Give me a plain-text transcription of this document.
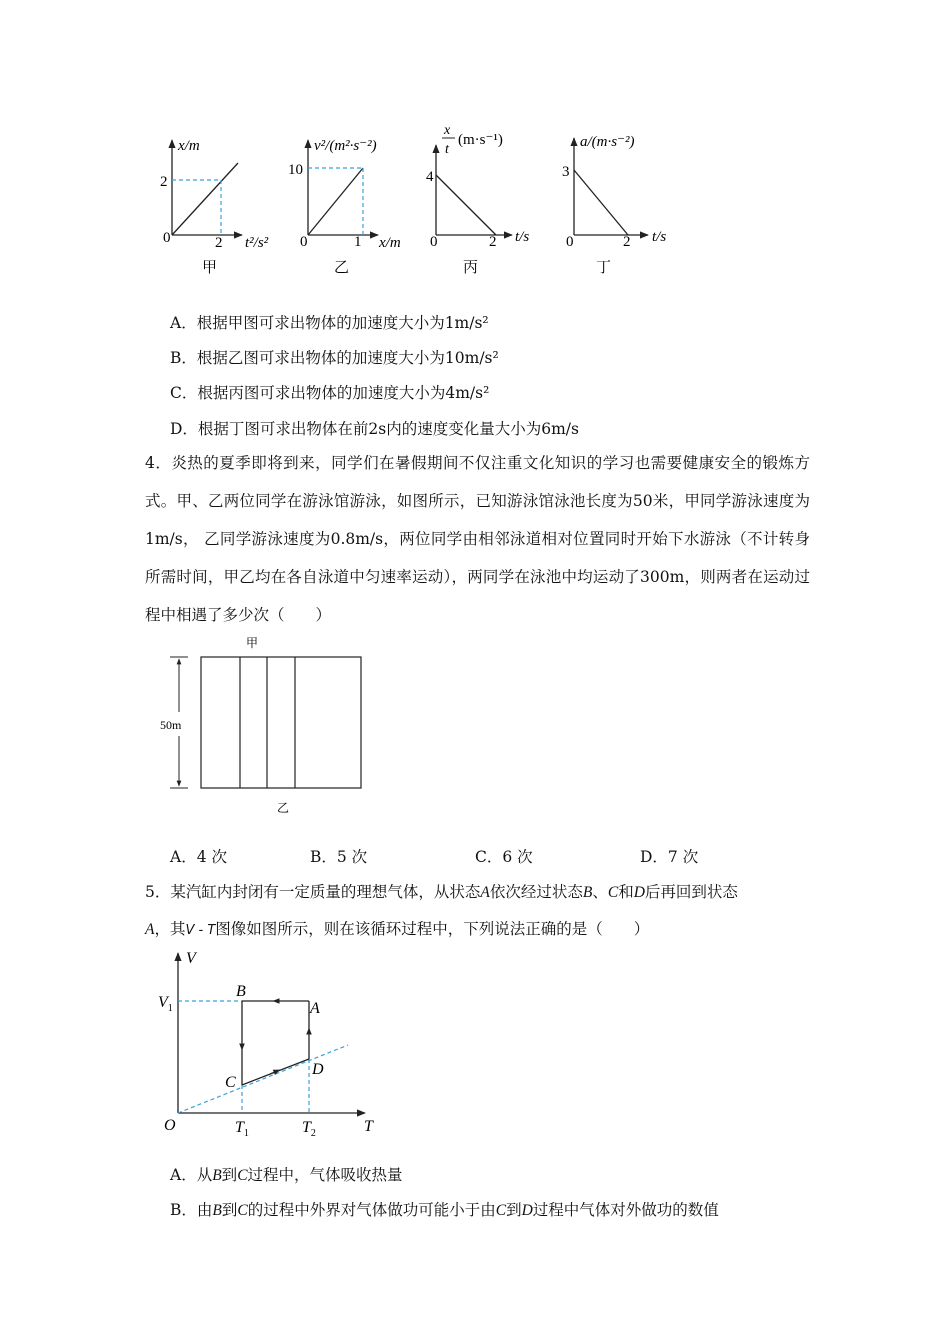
x/m
t²/s²
0	2
2
甲
v²/(m²·s⁻²)
x/m
0	1
10
乙
x
t
(m·s⁻¹)
t/s
0	2
4
丙
a/(m·s⁻²)
t/s
0	2
3
丁
A．根据甲图可求出物体的加速度大小为1m/s²
B．根据乙图可求出物体的加速度大小为10m/s²
C．根据丙图可求出物体的加速度大小为4m/s²
D．根据丁图可求出物体在前2s内的速度变化量大小为6m/s
4．炎热的夏季即将到来，同学们在暑假期间不仅注重文化知识的学习也需要健康安全的锻炼方式。甲、乙两位同学在游泳馆游泳，如图所示，已知游泳馆泳池长度为50米，甲同学游泳速度为1m/s， 乙同学游泳速度为0.8m/s，两位同学由相邻泳道相对位置同时开始下水游泳（不计转身所需时间，甲乙均在各自泳道中匀速率运动），两同学在泳池中均运动了300m，则两者在运动过程中相遇了多少次（　　）
50m
甲
乙
A．4 次	B．5 次	C．6 次	D．7 次
5．某汽缸内封闭有一定质量的理想气体，从状态A依次经过状态B、C和D后再回到状态
A，其V - T图像如图所示，则在该循环过程中，下列说法正确的是（　　）
V
T
O
$V_1$
$T_1$	$T_2$
B
A
C
D
A．从B到C过程中，气体吸收热量
B．由B到C的过程中外界对气体做功可能小于由C到D过程中气体对外做功的数值
